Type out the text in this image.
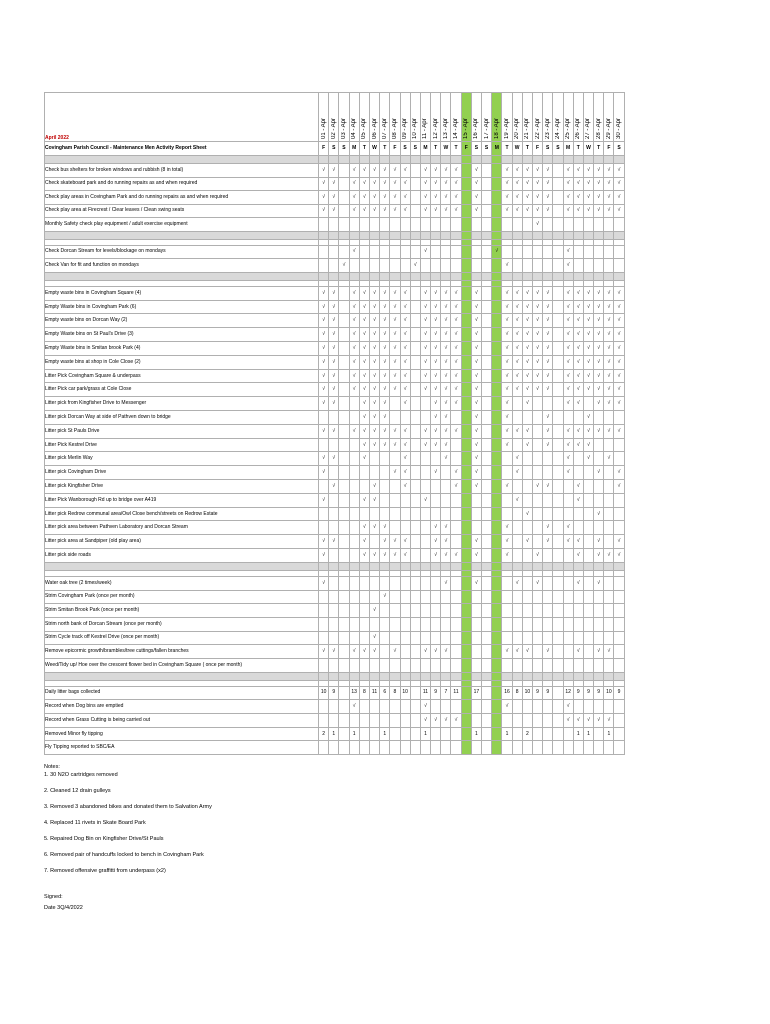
April 2022	01 - Apr	02 - Apr	03 - Apr	04 - Apr	05 - Apr	06 - Apr	07 - Apr	08 - Apr	09 - Apr	10 - Apr	11 - Apr	12 - Apr	13 - Apr	14 - Apr	15 - Apr	16 - Apr	17 - Apr	18 - Apr	19 - Apr	20 - Apr	21 - Apr	22 - Apr	23 - Apr	24 - Apr	25 - Apr	26 - Apr	27 - Apr	28 - Apr	29 - Apr	30 - Apr

Covingham Parish Council - Maintenance Men Activity Report Sheet	F	S	S	M	T	W	T	F	S	S	M	T	W	T	F	S	S	M	T	W	T	F	S	S	M	T	W	T	F	S

Check bus shelters for broken windows and rubbish (8 in total)	√	√		√	√	√	√	√	√		√	√	√	√		√			√	√	√	√	√		√	√	√	√	√	√
Check skateboard park and do running repairs as and when required	√	√		√	√	√	√	√	√		√	√	√	√		√			√	√	√	√	√		√	√	√	√	√	√
Check play areas in Covingham Park and do running repairs as and when required	√	√		√	√	√	√	√	√		√	√	√	√		√			√	√	√	√	√		√	√	√	√	√	√
Check play area at Firecrest / Clear leaves / Clean swing seats	√	√		√	√	√	√	√	√		√	√	√	√		√			√	√	√	√	√		√	√	√	√	√	√
Monthly Safety check play equipment / adult exercise equipment																						√								

Check Dorcan Stream for levels/blockage on mondays				√							√							√							√					
Check Van for fit and function on mondays			√							√									√						√					

Empty waste bins in Covingham Square (4)	√	√		√	√	√	√	√	√		√	√	√	√		√			√	√	√	√	√		√	√	√	√	√	√
Empty Waste bins in Covingham Park (6)	√	√		√	√	√	√	√	√		√	√	√	√		√			√	√	√	√	√		√	√	√	√	√	√
Empty waste bins on Dorcan Way (2)	√	√		√	√	√	√	√	√		√	√	√	√		√			√	√	√	√	√		√	√	√	√	√	√
Empty Waste bins on St Paul's Drive (3)	√	√		√	√	√	√	√	√		√	√	√	√		√			√	√	√	√	√		√	√	√	√	√	√
Empty Waste bins in Smitan brook Park (4)	√	√		√	√	√	√	√	√		√	√	√	√		√			√	√	√	√	√		√	√	√	√	√	√
Empty waste bins at shop in Cole Close (2)	√	√		√	√	√	√	√	√		√	√	√	√		√			√	√	√	√	√		√	√	√	√	√	√
Litter Pick Covingham Square & underpass	√	√		√	√	√	√	√	√		√	√	√	√		√			√	√	√	√	√		√	√	√	√	√	√
Litter Pick car park/grass at Cole Close	√	√		√	√	√	√	√	√		√	√	√	√		√			√	√	√	√	√		√	√	√	√	√	√
Litter pick from Kingfisher Drive to Messenger	√	√			√	√	√		√			√	√	√		√			√		√				√	√		√	√	√
Litter pick Dorcan Way at side of Pathven down to bridge					√	√	√					√	√			√			√				√				√			
Litter pick St Pauls Drive	√	√		√	√	√	√	√	√		√	√	√	√		√			√	√	√		√		√	√	√	√	√	√
Litter Pick Kestrel Drive					√	√	√	√	√		√	√	√			√			√		√		√		√	√	√			
Litter pick Merlin Way	√	√			√				√				√			√				√					√		√		√	
Litter pick Covingham Drive	√							√	√			√		√		√				√					√			√		√
Litter pick Kingfisher Drive		√				√			√					√		√			√			√	√			√				√
Litter Pick Wanborough Rd up to bridge over A419	√				√	√					√									√						√				
Litter pick Redrow communal area/Owl Close bench/streets on Redrow Estate																					√							√		
Litter pick area between Pathven Laboratory and Dorcan Stream					√	√	√					√	√						√				√		√					
Litter pick area at Sandpiper (old play area)	√	√			√		√	√	√			√	√			√			√		√		√		√	√		√		√
Litter pick side roads	√				√	√	√	√	√			√	√	√		√			√			√				√		√	√	√

Water oak tree (2 times/week)	√												√			√				√		√				√		√		
Strim Covingham Park (once per month)							√																							
Strim Smitan Brook Park (once per month)						√																								
Strim north bank of Dorcan Stream (once per month)																														
Strim Cycle track off Kestrel Drive (once per month)						√																								
Remove epicormic growth/brambles/tree cuttings/fallen branches	√	√		√	√	√		√			√	√	√						√	√	√		√			√		√	√	
Weed/Tidy up/ Hoe over the crescent flower bed in Covingham Square ( once per month)																														

Daily litter bags collected	10	9		13	8	11	6	8	10		11	9	7	11		17			16	8	10	9	9		12	9	9	9	10	9
Record when Dog bins are emptied				√							√								√						√					
Record when Grass Cutting is being carried out											√	√	√	√											√	√	√	√	√	
Removed Minor fly tipping	2	1		1			1				1					1			1		2					1	1		1	
Fly Tipping reported to SBC/EA																														
Notes:
1. 30 N2O cartridges removed
2. Cleaned 12 drain gulleys
3. Removed 3 abandoned bikes and donated them to Salvation Army
4. Replaced 11 rivets in Skate Board Park
5. Repaired Dog Bin on Kingfisher Drive/St Pauls
6. Removed pair of handcuffs locked to bench in Covingham Park
7. Removed offensive graffitti from underpass (x2)
Signed:
Date 3Q/4/2022
